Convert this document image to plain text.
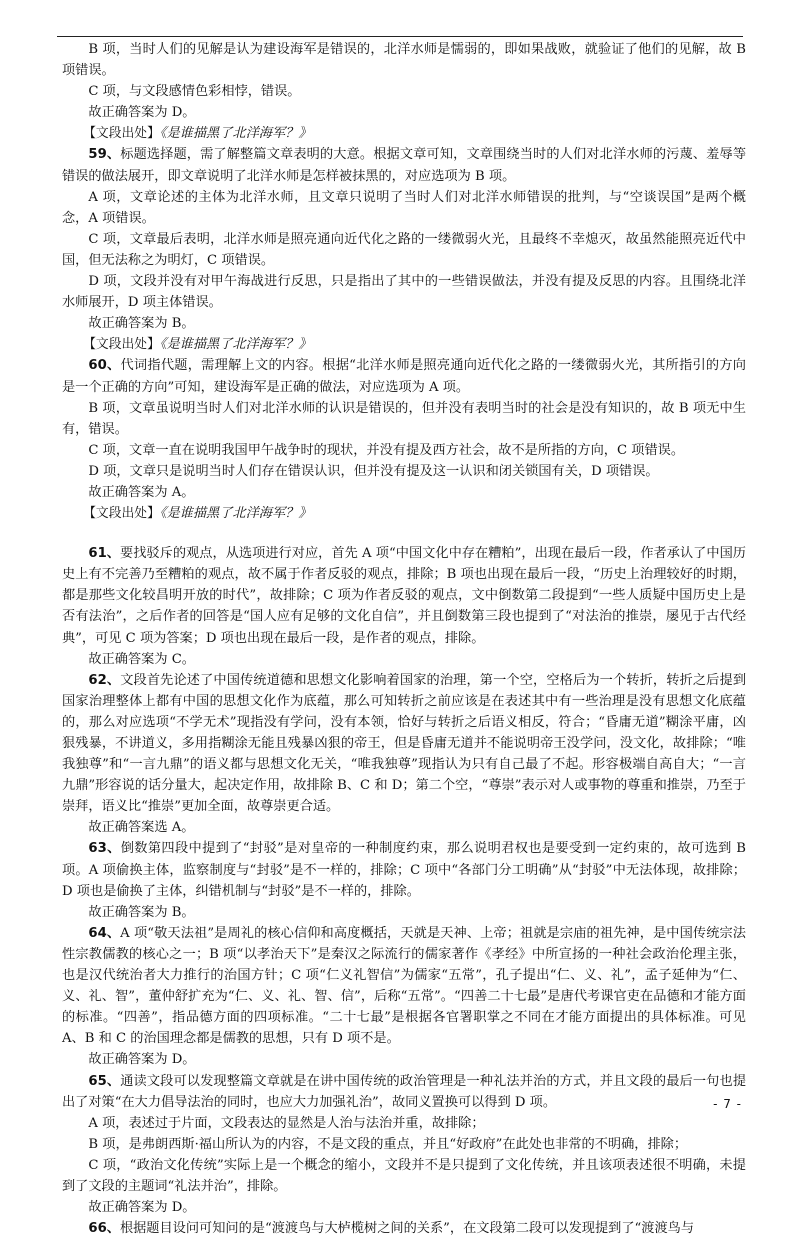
B 项，当时人们的见解是认为建设海军是错误的，北洋水师是懦弱的，即如果战败，就验证了他们的见解，故 B 项错误。

C 项，与文段感情色彩相悖，错误。

故正确答案为 D。

【文段出处】《是谁描黑了北洋海军？》

59、标题选择题，需了解整篇文章表明的大意。根据文章可知，文章围绕当时的人们对北洋水师的污蔑、羞辱等错误的做法展开，即文章说明了北洋水师是怎样被抹黑的，对应选项为 B 项。

A 项，文章论述的主体为北洋水师，且文章只说明了当时人们对北洋水师错误的批判，与“空谈误国”是两个概念，A 项错误。

C 项，文章最后表明，北洋水师是照亮通向近代化之路的一缕微弱火光，且最终不幸熄灭，故虽然能照亮近代中国，但无法称之为明灯，C 项错误。

D 项，文段并没有对甲午海战进行反思，只是指出了其中的一些错误做法，并没有提及反思的内容。且围绕北洋水师展开，D 项主体错误。

故正确答案为 B。

【文段出处】《是谁描黑了北洋海军？》

60、代词指代题，需理解上文的内容。根据“北洋水师是照亮通向近代化之路的一缕微弱火光，其所指引的方向是一个正确的方向”可知，建设海军是正确的做法，对应选项为 A 项。

B 项，文章虽说明当时人们对北洋水师的认识是错误的，但并没有表明当时的社会是没有知识的，故 B 项无中生有，错误。

C 项，文章一直在说明我国甲午战争时的现状，并没有提及西方社会，故不是所指的方向，C 项错误。

D 项，文章只是说明当时人们存在错误认识，但并没有提及这一认识和闭关锁国有关，D 项错误。

故正确答案为 A。

【文段出处】《是谁描黑了北洋海军？》

61、要找驳斥的观点，从选项进行对应，首先 A 项“中国文化中存在糟粕”，出现在最后一段，作者承认了中国历史上有不完善乃至糟粕的观点，故不属于作者反驳的观点，排除；B 项也出现在最后一段，“历史上治理较好的时期，都是那些文化较昌明开放的时代”，故排除；C 项为作者反驳的观点，文中倒数第二段提到“一些人质疑中国历史上是否有法治”，之后作者的回答是“国人应有足够的文化自信”，并且倒数第三段也提到了“对法治的推崇，屡见于古代经典”，可见 C 项为答案；D 项也出现在最后一段，是作者的观点，排除。

故正确答案为 C。

62、文段首先论述了中国传统道德和思想文化影响着国家的治理，第一个空，空格后为一个转折，转折之后提到国家治理整体上都有中国的思想文化作为底蕴，那么可知转折之前应该是在表述其中有一些治理是没有思想文化底蕴的，那么对应选项“不学无术”现指没有学问，没有本领，恰好与转折之后语义相反，符合；“昏庸无道”糊涂平庸，凶狠残暴，不讲道义，多用指糊涂无能且残暴凶狠的帝王，但是昏庸无道并不能说明帝王没学问，没文化，故排除；“唯我独尊”和“一言九鼎”的语义都与思想文化无关，“唯我独尊”现指认为只有自己最了不起。形容极端自高自大；“一言九鼎”形容说的话分量大，起决定作用，故排除 B、C 和 D；第二个空，“尊崇”表示对人或事物的尊重和推崇，乃至于崇拜，语义比“推崇”更加全面，故尊崇更合适。

故正确答案选 A。

63、倒数第四段中提到了“封驳”是对皇帝的一种制度约束，那么说明君权也是要受到一定约束的，故可选到 B 项。A 项偷换主体，监察制度与“封驳”是不一样的，排除；C 项中“各部门分工明确”从“封驳”中无法体现，故排除；D 项也是偷换了主体，纠错机制与“封驳”是不一样的，排除。

故正确答案为 B。

64、A 项“敬天法祖”是周礼的核心信仰和高度概括，天就是天神、上帝；祖就是宗庙的祖先神，是中国传统宗法性宗教儒教的核心之一；B 项“以孝治天下”是秦汉之际流行的儒家著作《孝经》中所宣扬的一种社会政治伦理主张，也是汉代统治者大力推行的治国方针；C 项“仁义礼智信”为儒家“五常”，孔子提出“仁、义、礼”，孟子延伸为“仁、义、礼、智”，董仲舒扩充为“仁、义、礼、智、信”，后称“五常”。“四善二十七最”是唐代考课官吏在品德和才能方面的标准。“四善”，指品德方面的四项标准。“二十七最”是根据各官署职掌之不同在才能方面提出的具体标准。可见 A、B 和 C 的治国理念都是儒教的思想，只有 D 项不是。

故正确答案为 D。

65、通读文段可以发现整篇文章就是在讲中国传统的政治管理是一种礼法并治的方式，并且文段的最后一句也提出了对策“在大力倡导法治的同时，也应大力加强礼治”，故同义置换可以得到 D 项。

A 项，表述过于片面，文段表达的显然是人治与法治并重，故排除；

B 项，是弗朗西斯·福山所认为的内容，不是文段的重点，并且“好政府”在此处也非常的不明确，排除；

C 项，“政治文化传统”实际上是一个概念的缩小，文段并不是只提到了文化传统，并且该项表述很不明确，未提到了文段的主题词“礼法并治”，排除。

故正确答案为 D。

66、根据题目设问可知问的是“渡渡鸟与大栌榄树之间的关系”，在文段第二段可以发现提到了“渡渡鸟与

- 7 -
